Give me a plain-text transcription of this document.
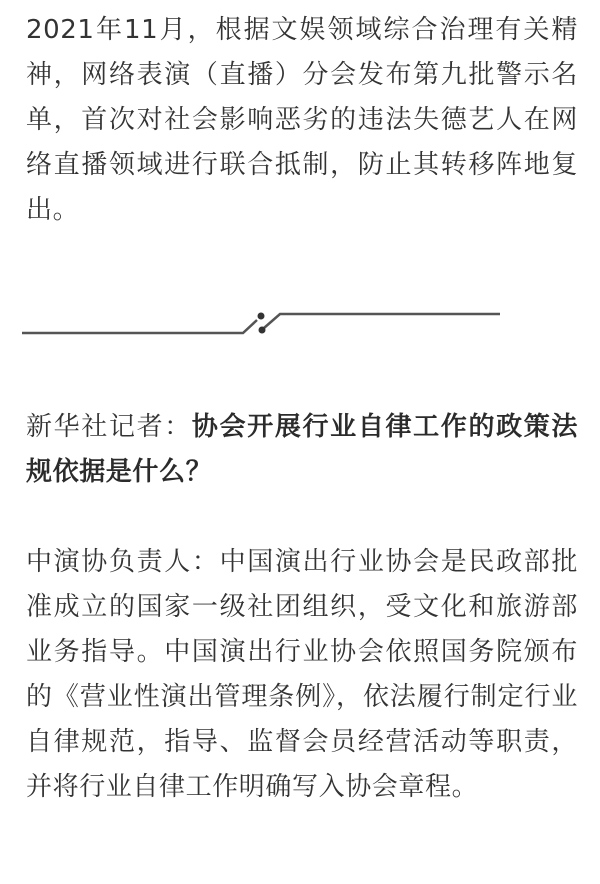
2021年11月，根据文娱领域综合治理有关精神，网络表演（直播）分会发布第九批警示名单，首次对社会影响恶劣的违法失德艺人在网络直播领域进行联合抵制，防止其转移阵地复出。

新华社记者：协会开展行业自律工作的政策法规依据是什么？

中演协负责人：中国演出行业协会是民政部批准成立的国家一级社团组织，受文化和旅游部业务指导。中国演出行业协会依照国务院颁布的《营业性演出管理条例》，依法履行制定行业自律规范，指导、监督会员经营活动等职责，并将行业自律工作明确写入协会章程。
